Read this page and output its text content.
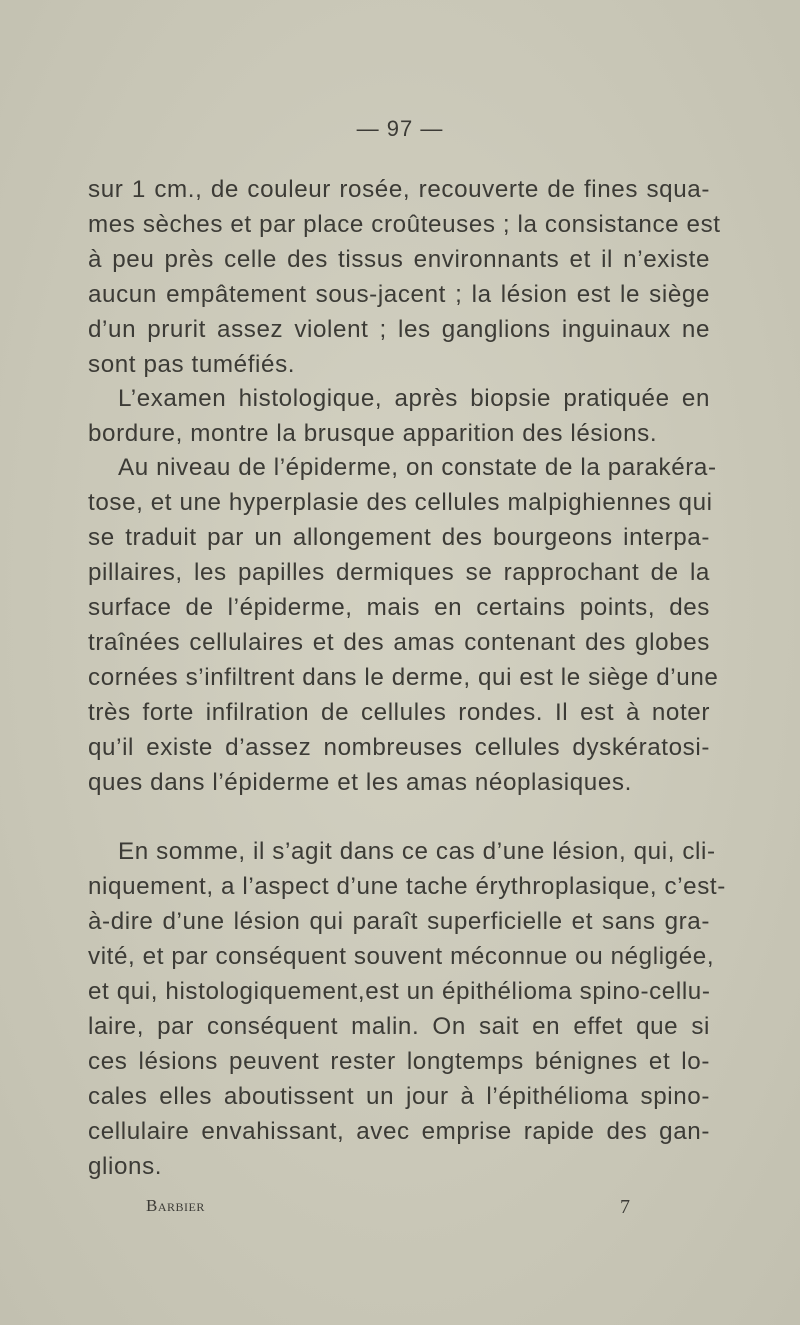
— 97 —
sur 1 cm., de couleur rosée, recouverte de fines squa-
mes sèches et par place croûteuses ; la consistance est
à peu près celle des tissus environnants et il n’existe
aucun empâtement sous-jacent ; la lésion est le siège
d’un prurit assez violent ; les ganglions inguinaux ne
sont pas tuméfiés.
L’examen histologique, après biopsie pratiquée en
bordure, montre la brusque apparition des lésions.
Au niveau de l’épiderme, on constate de la parakéra-
tose, et une hyperplasie des cellules malpighiennes qui
se traduit par un allongement des bourgeons interpa-
pillaires, les papilles dermiques se rapprochant de la
surface de l’épiderme, mais en certains points, des
traînées cellulaires et des amas contenant des globes
cornées s’infiltrent dans le derme, qui est le siège d’une
très forte infilration de cellules rondes. Il est à noter
qu’il existe d’assez nombreuses cellules dyskératosi-
ques dans l’épiderme et les amas néoplasiques.
En somme, il s’agit dans ce cas d’une lésion, qui, cli-
niquement, a l’aspect d’une tache érythroplasique, c’est-
à-dire d’une lésion qui paraît superficielle et sans gra-
vité, et par conséquent souvent méconnue ou négligée,
et qui, histologiquement,est un épithélioma spino-cellu-
laire, par conséquent malin. On sait en effet que si
ces lésions peuvent rester longtemps bénignes et lo-
cales elles aboutissent un jour à l’épithélioma spino-
cellulaire envahissant, avec emprise rapide des gan-
glions.
Barbier	7
